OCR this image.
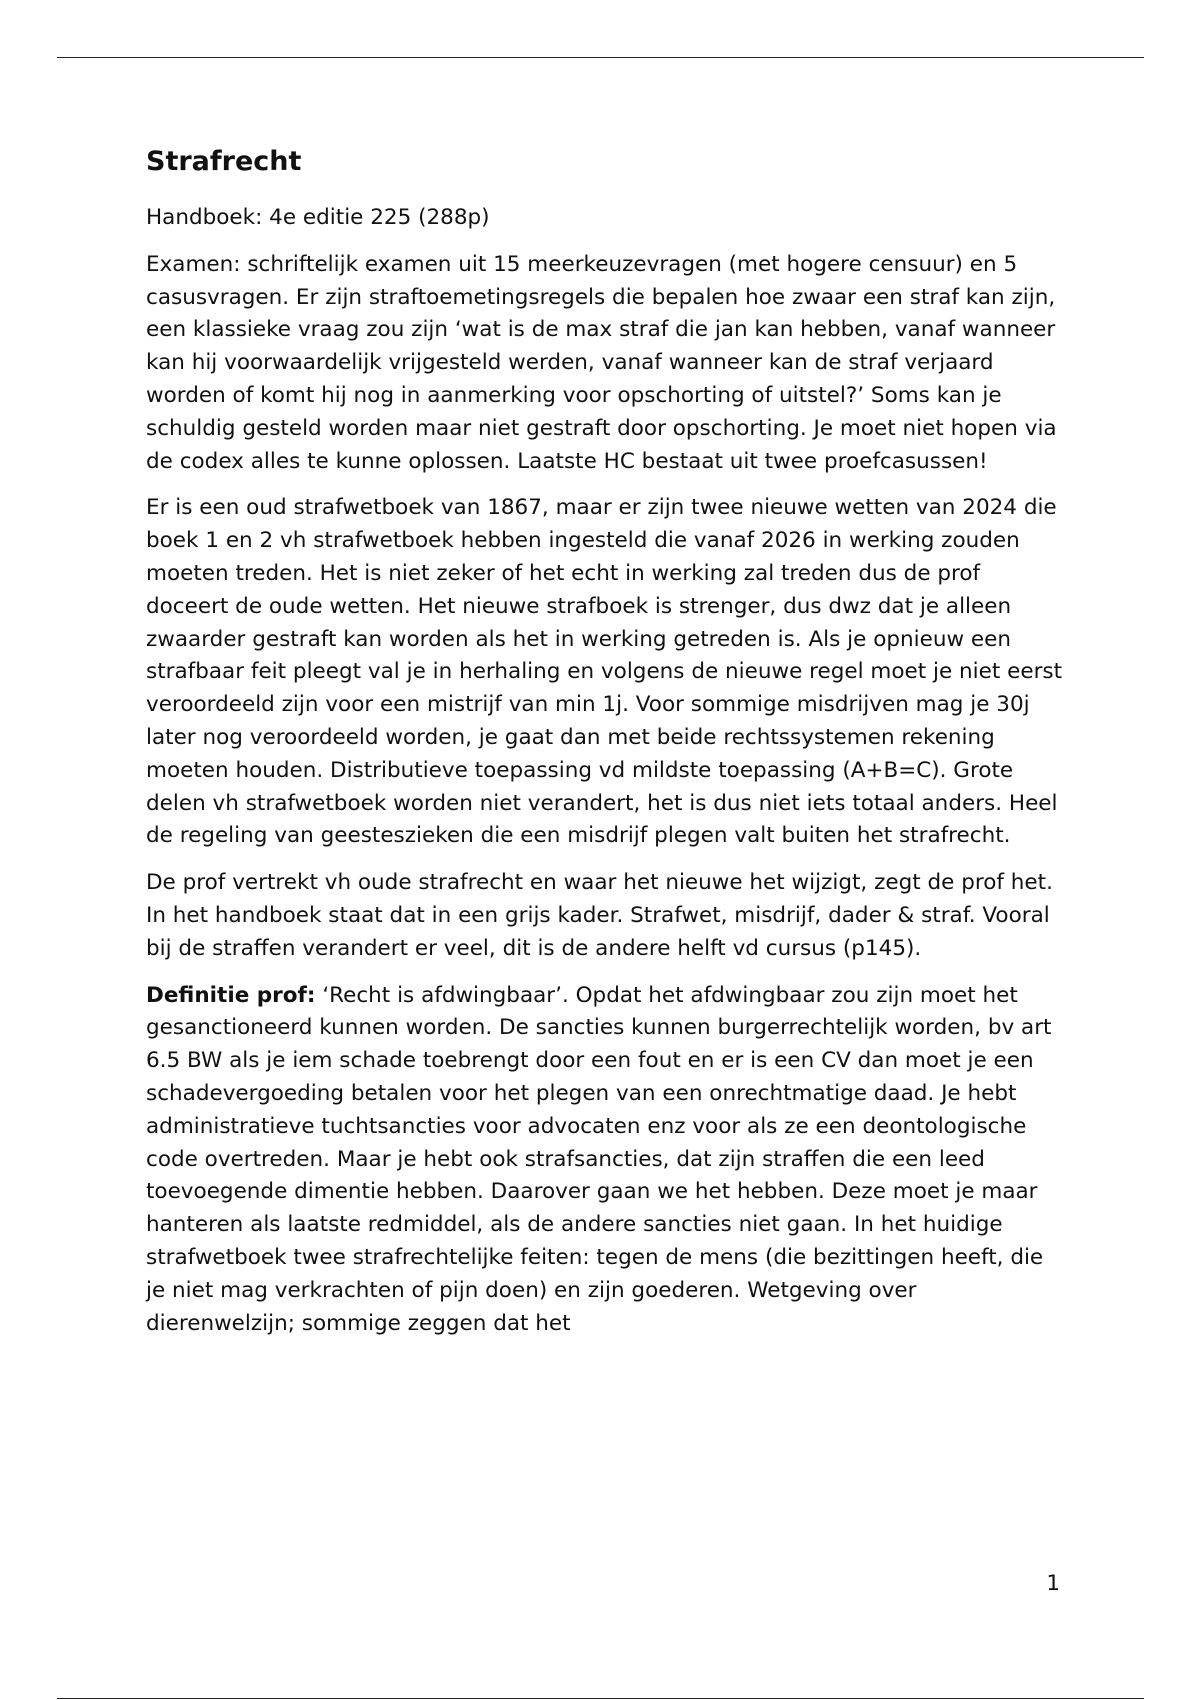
Strafrecht

Handboek: 4e editie 225 (288p)

Examen: schriftelijk examen uit 15 meerkeuzevragen (met hogere censuur) en 5 casusvragen. Er zijn straftoemetingsregels die bepalen hoe zwaar een straf kan zijn, een klassieke vraag zou zijn ‘wat is de max straf die jan kan hebben, vanaf wanneer kan hij voorwaardelijk vrijgesteld werden, vanaf wanneer kan de straf verjaard worden of komt hij nog in aanmerking voor opschorting of uitstel?’ Soms kan je schuldig gesteld worden maar niet gestraft door opschorting. Je moet niet hopen via de codex alles te kunne oplossen. Laatste HC bestaat uit twee proefcasussen!

Er is een oud strafwetboek van 1867, maar er zijn twee nieuwe wetten van 2024 die boek 1 en 2 vh strafwetboek hebben ingesteld die vanaf 2026 in werking zouden moeten treden. Het is niet zeker of het echt in werking zal treden dus de prof doceert de oude wetten. Het nieuwe strafboek is strenger, dus dwz dat je alleen zwaarder gestraft kan worden als het in werking getreden is. Als je opnieuw een strafbaar feit pleegt val je in herhaling en volgens de nieuwe regel moet je niet eerst veroordeeld zijn voor een mistrijf van min 1j. Voor sommige misdrijven mag je 30j later nog veroordeeld worden, je gaat dan met beide rechtssystemen rekening moeten houden. Distributieve toepassing vd mildste toepassing (A+B=C). Grote delen vh strafwetboek worden niet verandert, het is dus niet iets totaal anders. Heel de regeling van geesteszieken die een misdrijf plegen valt buiten het strafrecht.

De prof vertrekt vh oude strafrecht en waar het nieuwe het wijzigt, zegt de prof het. In het handboek staat dat in een grijs kader. Strafwet, misdrijf, dader & straf. Vooral bij de straffen verandert er veel, dit is de andere helft vd cursus (p145).

Definitie prof: ‘Recht is afdwingbaar’. Opdat het afdwingbaar zou zijn moet het gesanctioneerd kunnen worden. De sancties kunnen burgerrechtelijk worden, bv art 6.5 BW als je iem schade toebrengt door een fout en er is een CV dan moet je een schadevergoeding betalen voor het plegen van een onrechtmatige daad. Je hebt administratieve tuchtsancties voor advocaten enz voor als ze een deontologische code overtreden. Maar je hebt ook strafsancties, dat zijn straffen die een leed toevoegende dimentie hebben. Daarover gaan we het hebben. Deze moet je maar hanteren als laatste redmiddel, als de andere sancties niet gaan. In het huidige strafwetboek twee strafrechtelijke feiten: tegen de mens (die bezittingen heeft, die je niet mag verkrachten of pijn doen) en zijn goederen. Wetgeving over dierenwelzijn; sommige zeggen dat het

1
